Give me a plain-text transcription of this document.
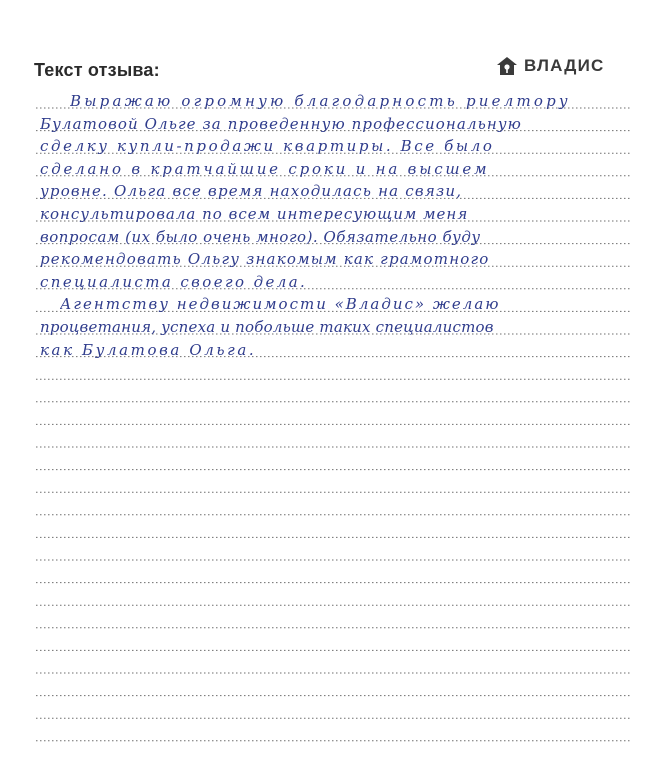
Текст отзыва:	ВЛАДИС
Выражаю огромную благодарность риелтору
Булатовой Ольге за проведенную профессиональную
сделку купли-продажи квартиры. Все было
сделано в кратчайшие сроки и на высшем
уровне. Ольга все время находилась на связи,
консультировала по всем интересующим меня
вопросам (их было очень много). Обязательно буду
рекомендовать Ольгу знакомым как грамотного
специалиста своего дела.
Агентству недвижимости «Владис» желаю
процветания, успеха и побольше таких специалистов
как Булатова Ольга.
